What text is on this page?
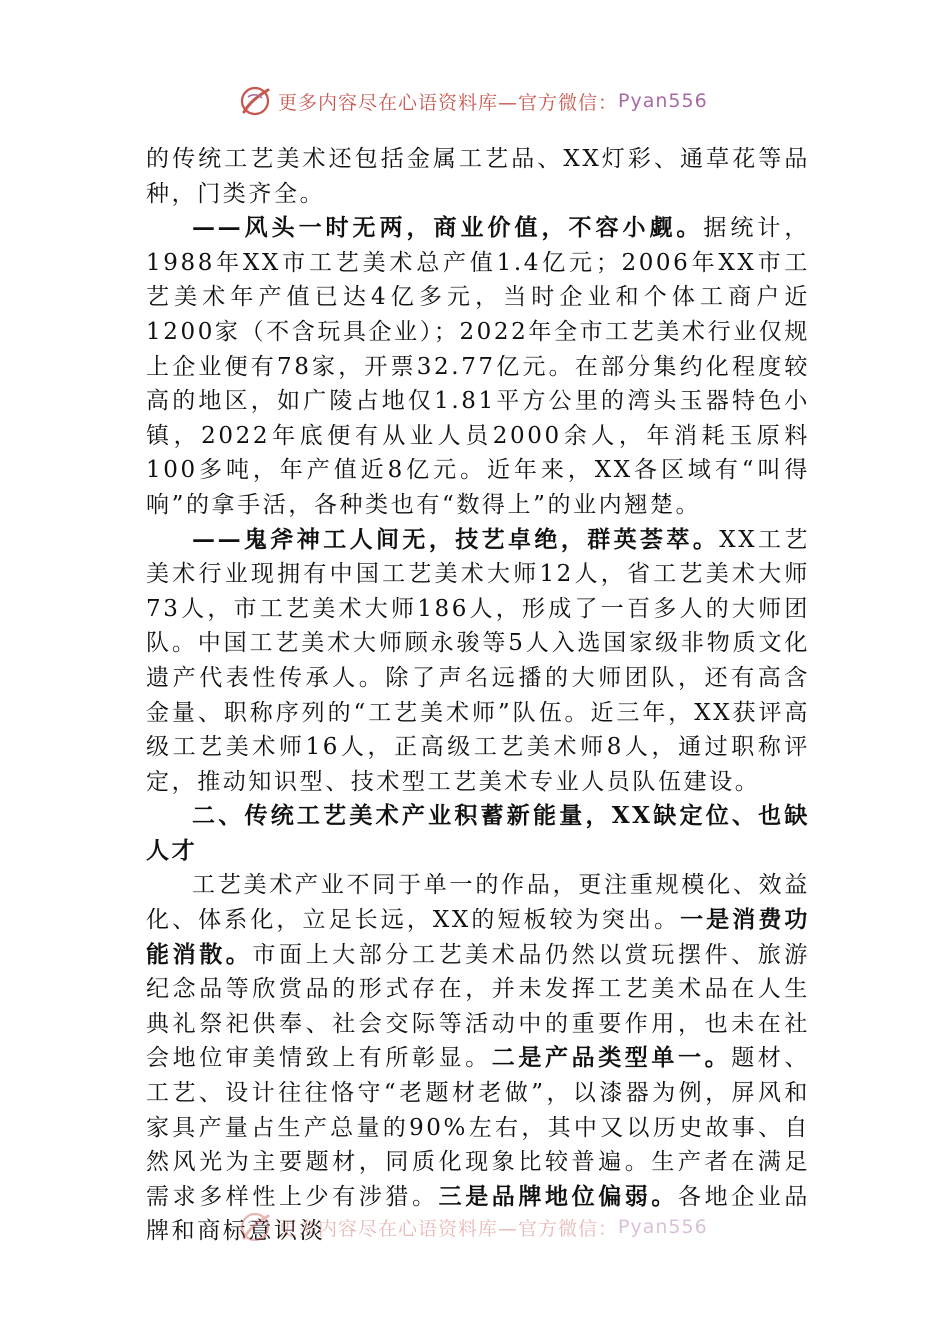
更多内容尽在心语资料库—官方微信： Pyan556

的传统工艺美术还包括金属工艺品、XX灯彩、通草花等品种，门类齐全。

——风头一时无两，商业价值，不容小觑。据统计，1988年XX市工艺美术总产值1.4亿元；2006年XX市工艺美术年产值已达4亿多元，当时企业和个体工商户近1200家（不含玩具企业）；2022年全市工艺美术行业仅规上企业便有78家，开票32.77亿元。在部分集约化程度较高的地区，如广陵占地仅1.81平方公里的湾头玉器特色小镇，2022年底便有从业人员2000余人，年消耗玉原料100多吨，年产值近8亿元。近年来，XX各区域有“叫得响”的拿手活，各种类也有“数得上”的业内翘楚。

——鬼斧神工人间无，技艺卓绝，群英荟萃。XX工艺美术行业现拥有中国工艺美术大师12人，省工艺美术大师73人，市工艺美术大师186人，形成了一百多人的大师团队。中国工艺美术大师顾永骏等5人入选国家级非物质文化遗产代表性传承人。除了声名远播的大师团队，还有高含金量、职称序列的“工艺美术师”队伍。近三年，XX获评高级工艺美术师16人，正高级工艺美术师8人，通过职称评定，推动知识型、技术型工艺美术专业人员队伍建设。

二、传统工艺美术产业积蓄新能量，XX缺定位、也缺人才

工艺美术产业不同于单一的作品，更注重规模化、效益化、体系化，立足长远，XX的短板较为突出。一是消费功能消散。市面上大部分工艺美术品仍然以赏玩摆件、旅游纪念品等欣赏品的形式存在，并未发挥工艺美术品在人生典礼祭祀供奉、社会交际等活动中的重要作用，也未在社会地位审美情致上有所彰显。二是产品类型单一。题材、工艺、设计往往恪守“老题材老做”，以漆器为例，屏风和家具产量占生产总量的90%左右，其中又以历史故事、自然风光为主要题材，同质化现象比较普遍。生产者在满足需求多样性上少有涉猎。三是品牌地位偏弱。各地企业品牌和商标意识淡

更多内容尽在心语资料库—官方微信： Pyan556
